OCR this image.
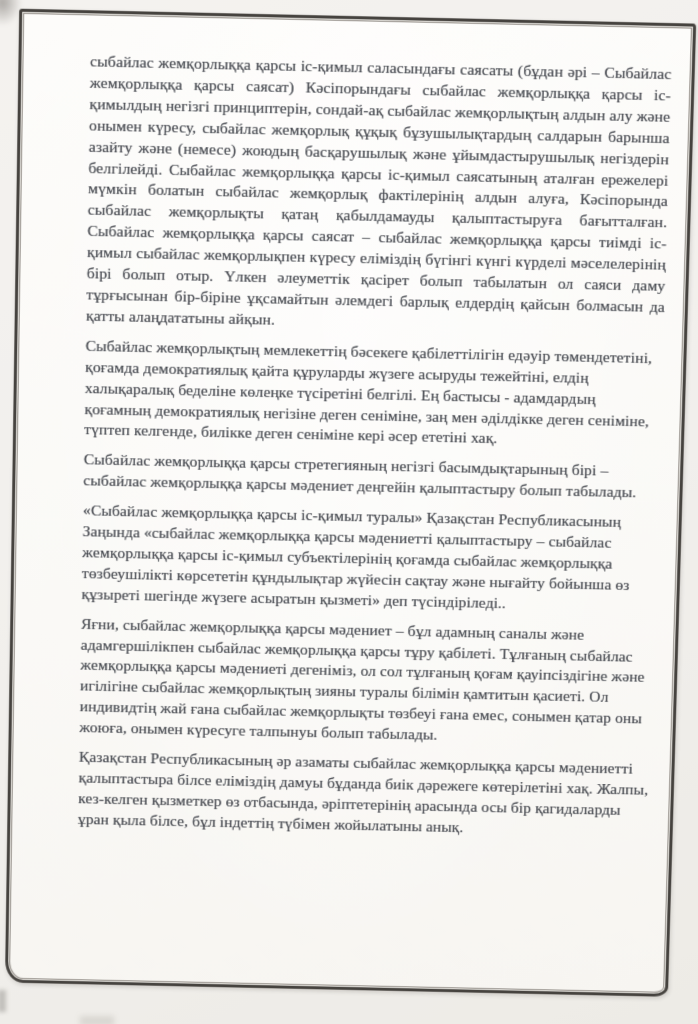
сыбайлас жемқорлыққа қарсы іс-қимыл саласындағы саясаты (бұдан әрі – Сыбайлас жемқорлыққа қарсы саясат) Кәсіпорындағы сыбайлас жемқорлыққа қарсы іс-қимылдың негізгі принциптерін, сондай-ақ сыбайлас жемқорлықтың алдын алу және онымен күресу, сыбайлас жемқорлық құқық бұзушылықтардың салдарын барынша азайту және (немесе) жоюдың басқарушылық және ұйымдастырушылық негіздерін белгілейді. Сыбайлас жемқорлыққа қарсы іс-қимыл саясатының аталған ережелері мүмкін болатын сыбайлас жемқорлық фактілерінің алдын алуға, Кәсіпорында сыбайлас жемқорлықты қатаң қабылдамауды қалыптастыруға бағытталған. Сыбайлас жемқорлыққа қарсы саясат – сыбайлас жемқорлыққа қарсы тиімді іс-қимыл сыбайлас жемқорлықпен күресу еліміздің бүгінгі күнгі күрделі мәселелерінің бірі болып отыр. Үлкен әлеуметтік қасірет болып табылатын ол саяси даму тұрғысынан бір-біріне ұқсамайтын әлемдегі барлық елдердің қайсын болмасын да қатты алаңдататыны айқын.

Сыбайлас жемқорлықтың мемлекеттің бәсекеге қабілеттілігін едәуір төмендететіні, қоғамда демократиялық қайта құруларды жүзеге асыруды тежейтіні, елдің халықаралық беделіне көлеңке түсіретіні белгілі. Ең бастысы - адамдардың қоғамның демократиялық негізіне деген сеніміне, заң мен әділдікке деген сеніміне, түптеп келгенде, билікке деген сеніміне кері әсер ететіні хақ.

Сыбайлас жемқорлыққа қарсы стретегияның негізгі басымдықтарының бірі – сыбайлас жемқорлыққа қарсы мәдениет деңгейін қалыптастыру болып табылады.

«Сыбайлас жемқорлыққа қарсы іс-қимыл туралы» Қазақстан Республикасының Заңында «сыбайлас жемқорлыққа қарсы мәдениетті қалыптастыру – сыбайлас жемқорлыққа қарсы іс-қимыл субъектілерінің қоғамда сыбайлас жемқорлыққа төзбеушілікті көрсететін құндылықтар жүйесін сақтау және нығайту бойынша өз құзыреті шегінде жүзеге асыратын қызметі» деп түсіндіріледі..

Яғни, сыбайлас жемқорлыққа қарсы мәдениет – бұл адамның саналы және адамгершілікпен сыбайлас жемқорлыққа қарсы тұру қабілеті. Тұлғаның сыбайлас жемқорлыққа қарсы мәдениеті дегеніміз, ол сол тұлғаның қоғам қауіпсіздігіне және игілігіне сыбайлас жемқорлықтың зияны туралы білімін қамтитын қасиеті. Ол индивидтің жай ғана сыбайлас жемқорлықты төзбеуі ғана емес, сонымен қатар оны жоюға, онымен күресуге талпынуы болып табылады.

Қазақстан Республикасының әр азаматы сыбайлас жемқорлыққа қарсы мәдениетті қалыптастыра білсе еліміздің дамуы бұданда биік дәрежеге көтерілетіні хақ. Жалпы, кез-келген қызметкер өз отбасында, әріптетерінің арасында осы бір қагидаларды ұран қыла білсе, бұл індеттің түбімен жойылатыны анық.
